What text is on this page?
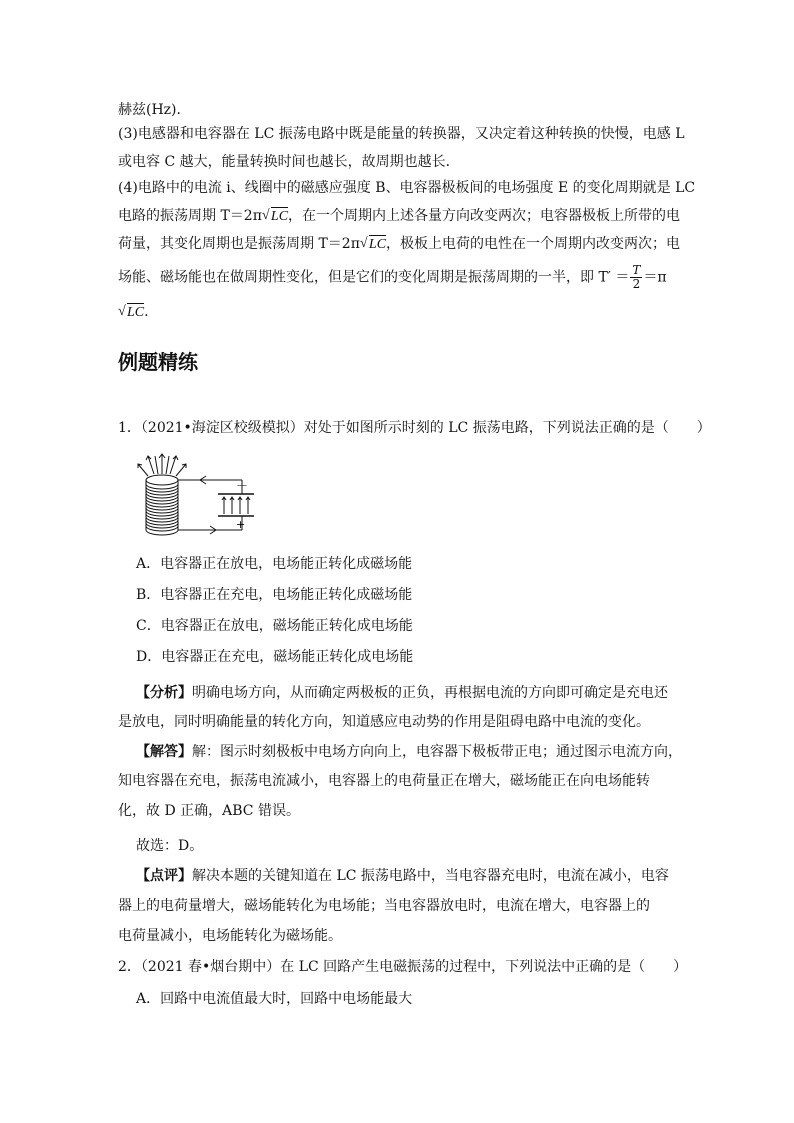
赫兹(Hz)．
(3)电感器和电容器在 LC 振荡电路中既是能量的转换器，又决定着这种转换的快慢，电感 L
或电容 C 越大，能量转换时间也越长，故周期也越长．
(4)电路中的电流 i、线圈中的磁感应强度 B、电容器极板间的电场强度 E 的变化周期就是 LC
电路的振荡周期 T＝2π √ LC，在一个周期内上述各量方向改变两次；电容器极板上所带的电
荷量，其变化周期也是振荡周期 T＝2π √ LC，极板上电荷的电性在一个周期内改变两次；电
场能、磁场能也在做周期性变化，但是它们的变化周期是振荡周期的一半，即 $T' = \frac{T}{2} =\pi$
√ LC.
例题精练
1．（2021•海淀区校级模拟）对处于如图所示时刻的 LC 振荡电路，下列说法正确的是（　　）
－
+
A．电容器正在放电，电场能正转化成磁场能
B．电容器正在充电，电场能正转化成磁场能
C．电容器正在放电，磁场能正转化成电场能
D．电容器正在充电，磁场能正转化成电场能
【分析】明确电场方向，从而确定两极板的正负，再根据电流的方向即可确定是充电还
是放电，同时明确能量的转化方向，知道感应电动势的作用是阻碍电路中电流的变化。
【解答】解：图示时刻极板中电场方向向上，电容器下极板带正电；通过图示电流方向，
知电容器在充电，振荡电流减小，电容器上的电荷量正在增大，磁场能正在向电场能转
化，故 D 正确，ABC 错误。
故选：D。
【点评】解决本题的关键知道在 LC 振荡电路中，当电容器充电时，电流在减小，电容
器上的电荷量增大，磁场能转化为电场能；当电容器放电时，电流在增大，电容器上的
电荷量减小，电场能转化为磁场能。
2．（2021 春•烟台期中）在 LC 回路产生电磁振荡的过程中，下列说法中正确的是（　　）
A．回路中电流值最大时，回路中电场能最大
